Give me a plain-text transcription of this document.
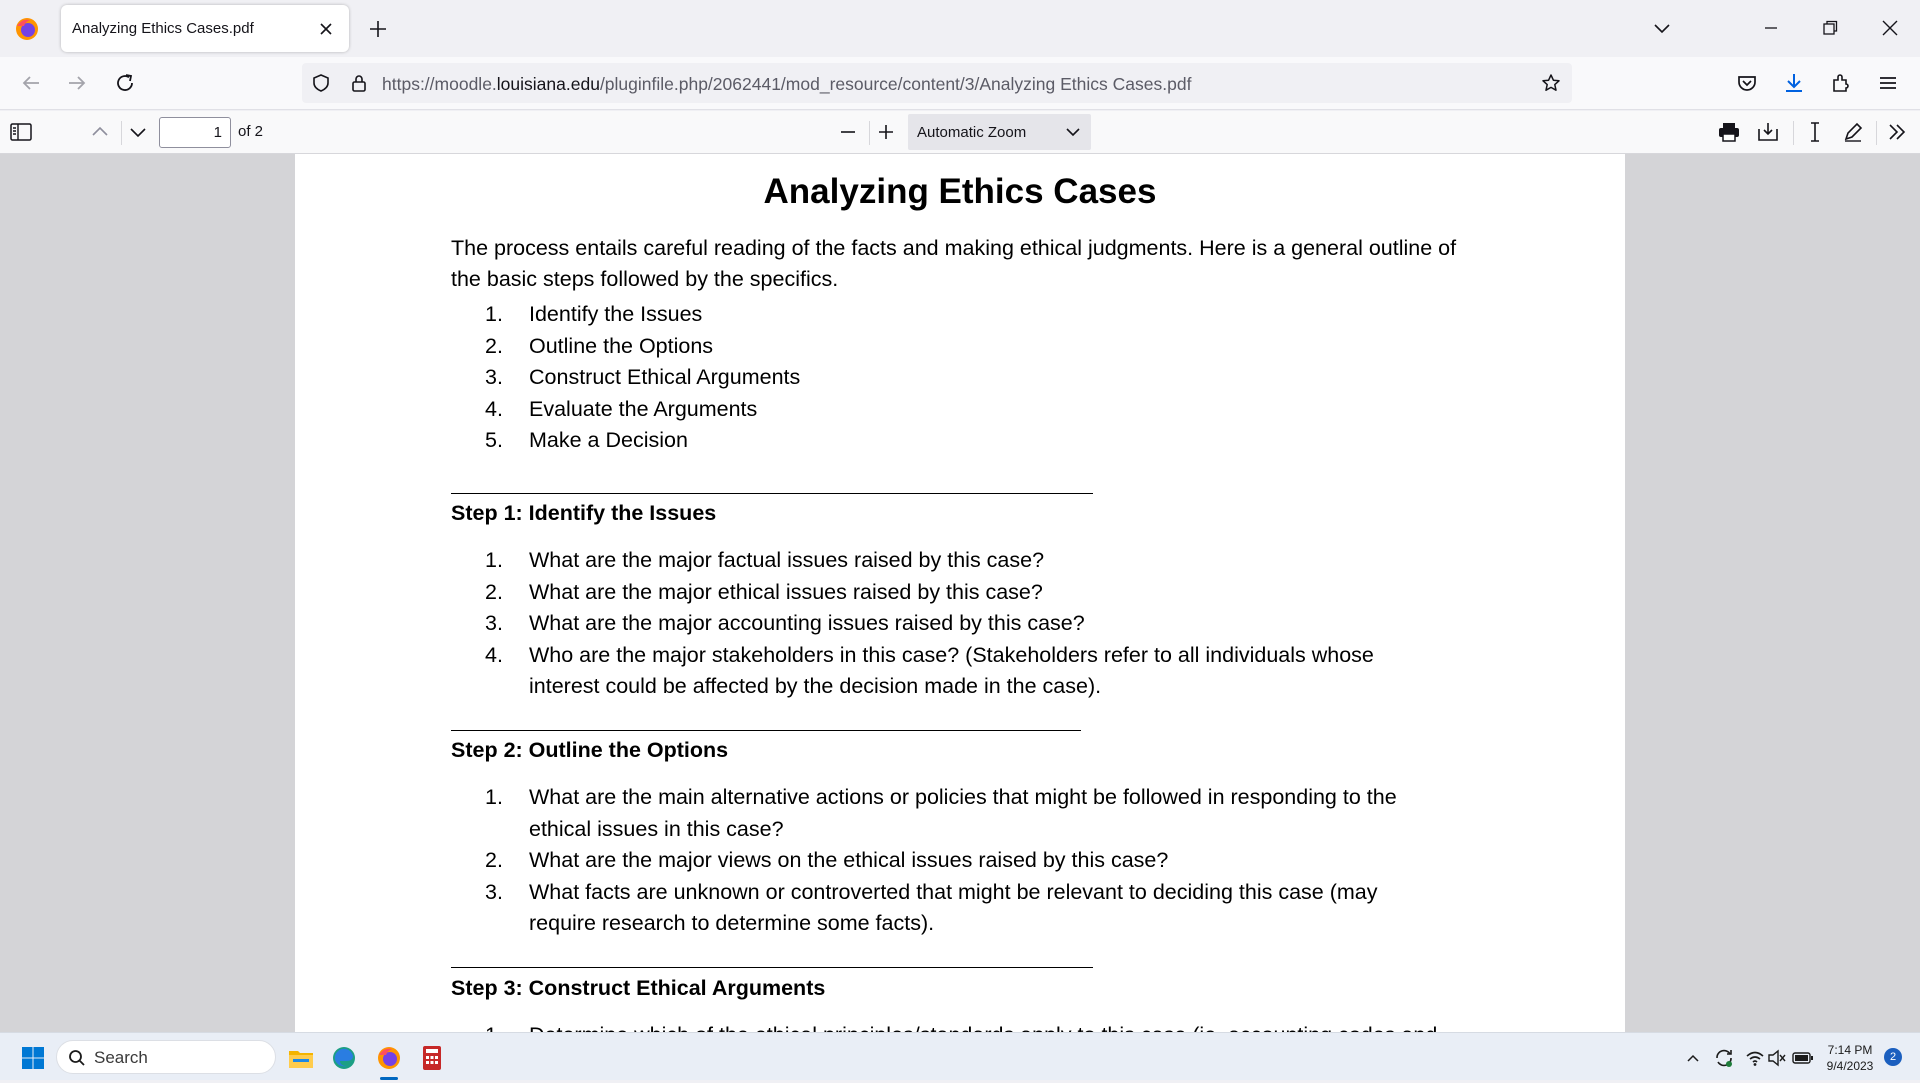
Analyzing Ethics Cases.pdf
https://moodle.louisiana.edu/pluginfile.php/2062441/mod_resource/content/3/Analyzing Ethics Cases.pdf
1
of 2	Automatic Zoom
Analyzing Ethics Cases
The process entails careful reading of the facts and making ethical judgments. Here is a general outline of the basic steps followed by the specifics.
1. Identify the Issues
2. Outline the Options
3. Construct Ethical Arguments
4. Evaluate the Arguments
5. Make a Decision
Step 1: Identify the Issues
1. What are the major factual issues raised by this case?
2. What are the major ethical issues raised by this case?
3. What are the major accounting issues raised by this case?
4. Who are the major stakeholders in this case? (Stakeholders refer to all individuals whose interest could be affected by the decision made in the case).
Step 2: Outline the Options
1. What are the main alternative actions or policies that might be followed in responding to the ethical issues in this case?
2. What are the major views on the ethical issues raised by this case?
3. What facts are unknown or controverted that might be relevant to deciding this case (may require research to determine some facts).
Step 3: Construct Ethical Arguments
Search	7:14 PM
9/4/2023
2
